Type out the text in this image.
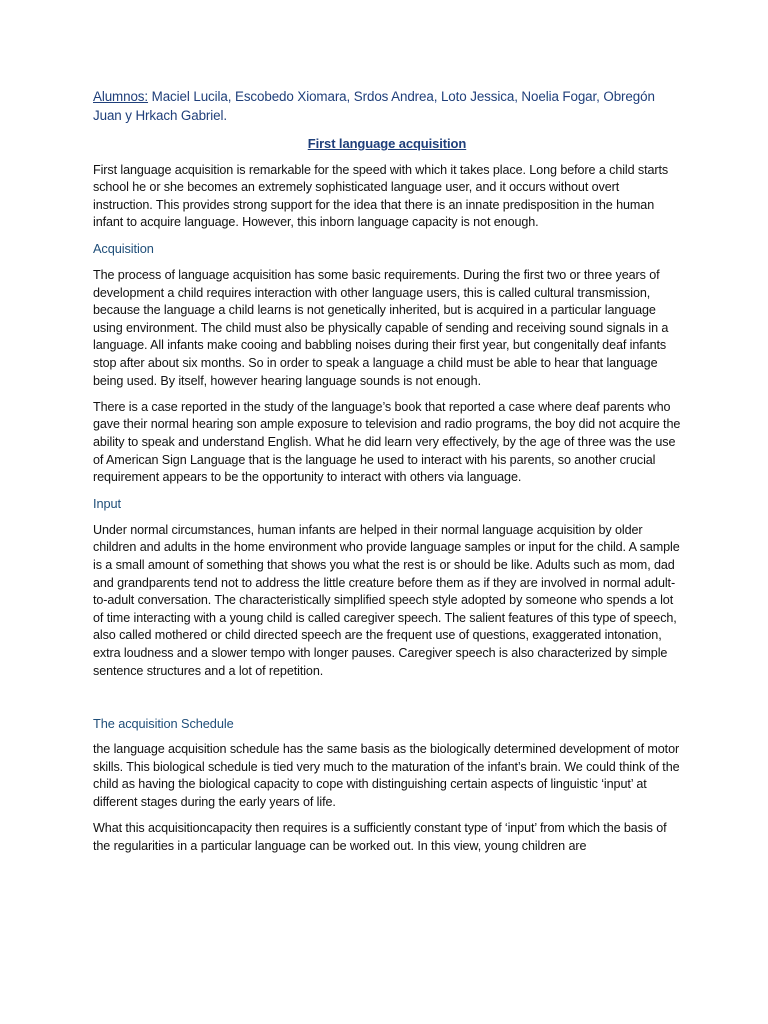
Alumnos: Maciel Lucila, Escobedo Xiomara, Srdos Andrea, Loto Jessica, Noelia Fogar, Obregón Juan y Hrkach Gabriel.
First language acquisition

First language acquisition is remarkable for the speed with which it takes place. Long before a child starts school he or she becomes an extremely sophisticated language user, and it occurs without overt instruction. This provides strong support for the idea that there is an innate predisposition in the human infant to acquire language. However, this inborn language capacity is not enough.

Acquisition

The process of language acquisition has some basic requirements. During the first two or three years of development a child requires interaction with other language users, this is called cultural transmission, because the language a child learns is not genetically inherited, but is acquired in a particular language using environment. The child must also be physically capable of sending and receiving sound signals in a language. All infants make cooing and babbling noises during their first year, but congenitally deaf infants stop after about six months. So in order to speak a language a child must be able to hear that language being used. By itself, however hearing language sounds is not enough.

There is a case reported in the study of the language’s book that reported a case where deaf parents who gave their normal hearing son ample exposure to television and radio programs, the boy did not acquire the ability to speak and understand English. What he did learn very effectively, by the age of three was the use of American Sign Language that is the language he used to interact with his parents, so another crucial requirement appears to be the opportunity to interact with others via language.

Input

Under normal circumstances, human infants are helped in their normal language acquisition by older children and adults in the home environment who provide language samples or input for the child. A sample is a small amount of something that shows you what the rest is or should be like. Adults such as mom, dad and grandparents tend not to address the little creature before them as if they are involved in normal adult-to-adult conversation. The characteristically simplified speech style adopted by someone who spends a lot of time interacting with a young child is called caregiver speech. The salient features of this type of speech, also called mothered or child directed speech are the frequent use of questions, exaggerated intonation, extra loudness and a slower tempo with longer pauses. Caregiver speech is also characterized by simple sentence structures and a lot of repetition.

The acquisition Schedule

the language acquisition schedule has the same basis as the biologically determined development of motor skills. This biological schedule is tied very much to the maturation of the infant’s brain. We could think of the child as having the biological capacity to cope with distinguishing certain aspects of linguistic ‘input’ at different stages during the early years of life.

What this acquisitioncapacity then requires is a sufficiently constant type of ‘input’ from which the basis of the regularities in a particular language can be worked out. In this view, young children are
